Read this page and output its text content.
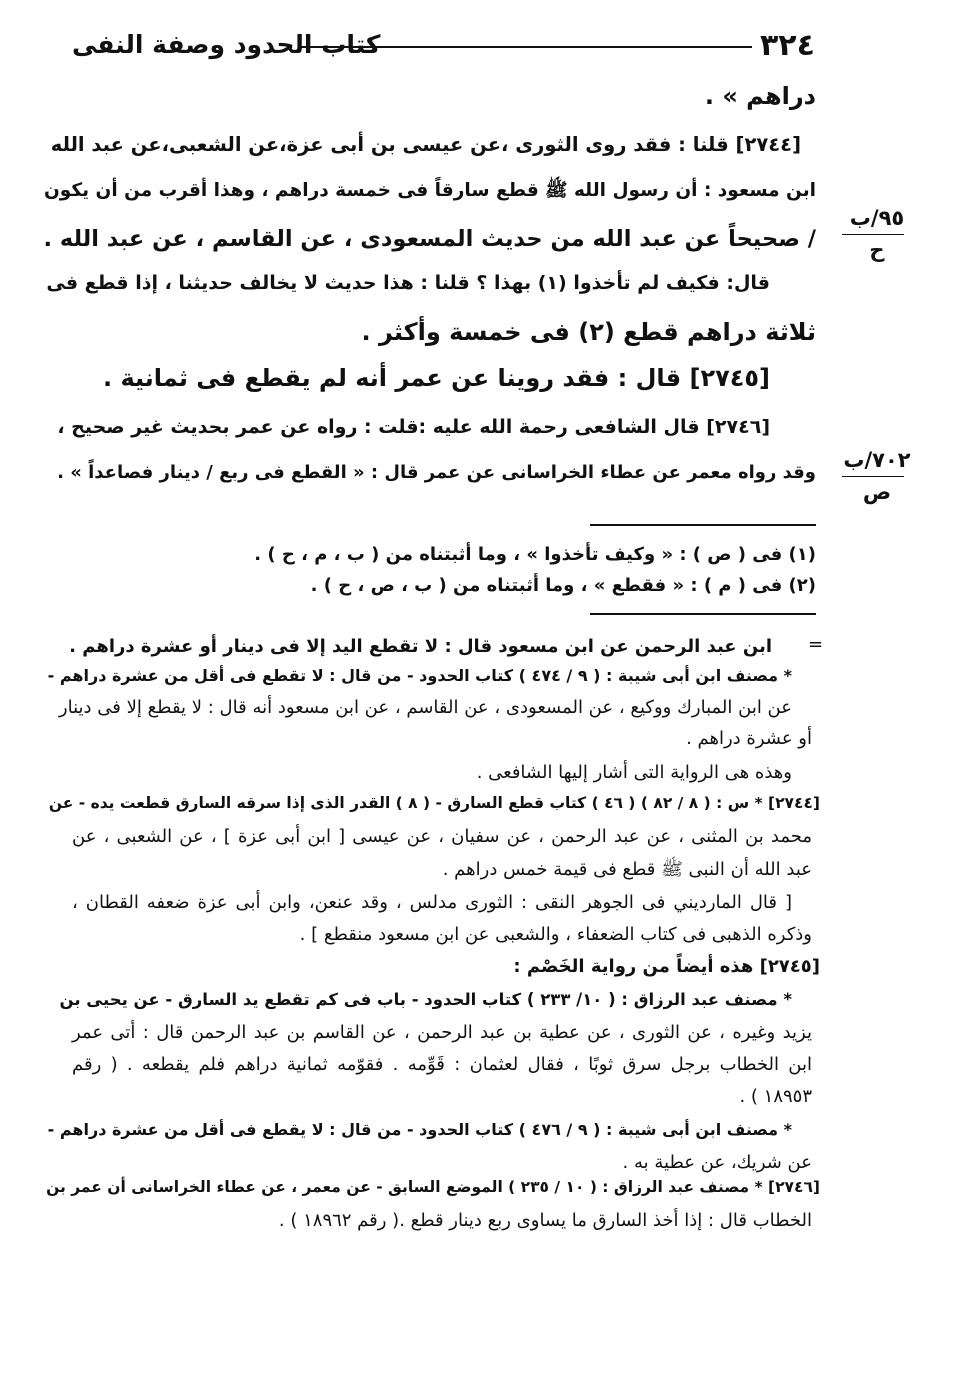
٣٢٤
كتاب الحدود وصفة النفى
دراهم » .
[٢٧٤٤] قلنا : فقد روى الثورى ،عن عيسى بن أبى عزة،عن الشعبى،عن عبد الله
ابن مسعود : أن رسول الله ﷺ قطع سارقاً فى خمسة دراهم ، وهذا أقرب من أن يكون
/ صحيحاً عن عبد الله من حديث المسعودى ، عن القاسم ، عن عبد الله .
قال: فكيف لم تأخذوا (١) بهذا ؟ قلنا : هذا حديث لا يخالف حديثنا ، إذا قطع فى
ثلاثة دراهم قطع (٢) فى خمسة وأكثر .
[٢٧٤٥] قال : فقد روينا عن عمر أنه لم يقطع فى ثمانية .
[٢٧٤٦] قال الشافعى رحمة الله عليه :قلت : رواه عن عمر بحديث غير صحيح ،
وقد رواه معمر عن عطاء الخراسانى عن عمر قال : « القطع فى ربع / دينار فصاعداً » .
٩٥/ب
ح
٧٠٢/ب
ص
(١) فى ( ص ) : « وكيف تأخذوا » ، وما أثبتناه من ( ب ، م ، ح ) .
(٢) فى ( م ) : « فقطع » ، وما أثبتناه من ( ب ، ص ، ح ) .
=
ابن عبد الرحمن عن ابن مسعود قال : لا تقطع اليد إلا فى دينار أو عشرة دراهم .
* مصنف ابن أبى شيبة : ( ٩ / ٤٧٤ ) كتاب الحدود - من قال : لا تقطع فى أقل من عشرة دراهم -
عن ابن المبارك ووكيع ، عن المسعودى ، عن القاسم ، عن ابن مسعود أنه قال : لا يقطع إلا فى دينار
أو عشرة دراهم .
وهذه هى الرواية التى أشار إليها الشافعى .
[٢٧٤٤] * س : ( ٨ / ٨٢ ) ( ٤٦ ) كتاب قطع السارق - ( ٨ ) القدر الذى إذا سرقه السارق قطعت يده - عن
محمد بن المثنى ، عن عبد الرحمن ، عن سفيان ، عن عيسى [ ابن أبى عزة ] ، عن الشعبى ، عن
عبد الله أن النبى ﷺ قطع فى قيمة خمس دراهم .
[ قال المارديني فى الجوهر النقى : الثورى مدلس ، وقد عنعن، وابن أبى عزة ضعفه القطان ،
وذكره الذهبى فى كتاب الضعفاء ، والشعبى عن ابن مسعود منقطع ] .
[٢٧٤٥] هذه أيضاً من رواية الخَصْم :
* مصنف عبد الرزاق : ( ١٠/ ٢٣٣ ) كتاب الحدود - باب فى كم تقطع يد السارق - عن يحيى بن
يزيد وغيره ، عن الثورى ، عن عطية بن عبد الرحمن ، عن القاسم بن عبد الرحمن قال : أتى عمر
ابن الخطاب برجل سرق ثوبًا ، فقال لعثمان : قَوِّمه . فقوّمه ثمانية دراهم فلم يقطعه . ( رقم
١٨٩٥٣ ) .
* مصنف ابن أبى شيبة : ( ٩ / ٤٧٦ ) كتاب الحدود - من قال : لا يقطع فى أقل من عشرة دراهم -
عن شريك، عن عطية به .
[٢٧٤٦] * مصنف عبد الرزاق : ( ١٠ / ٢٣٥ ) الموضع السابق - عن معمر ، عن عطاء الخراسانى أن عمر بن
الخطاب قال : إذا أخذ السارق ما يساوى ربع دينار قطع .( رقم ١٨٩٦٢ ) .
